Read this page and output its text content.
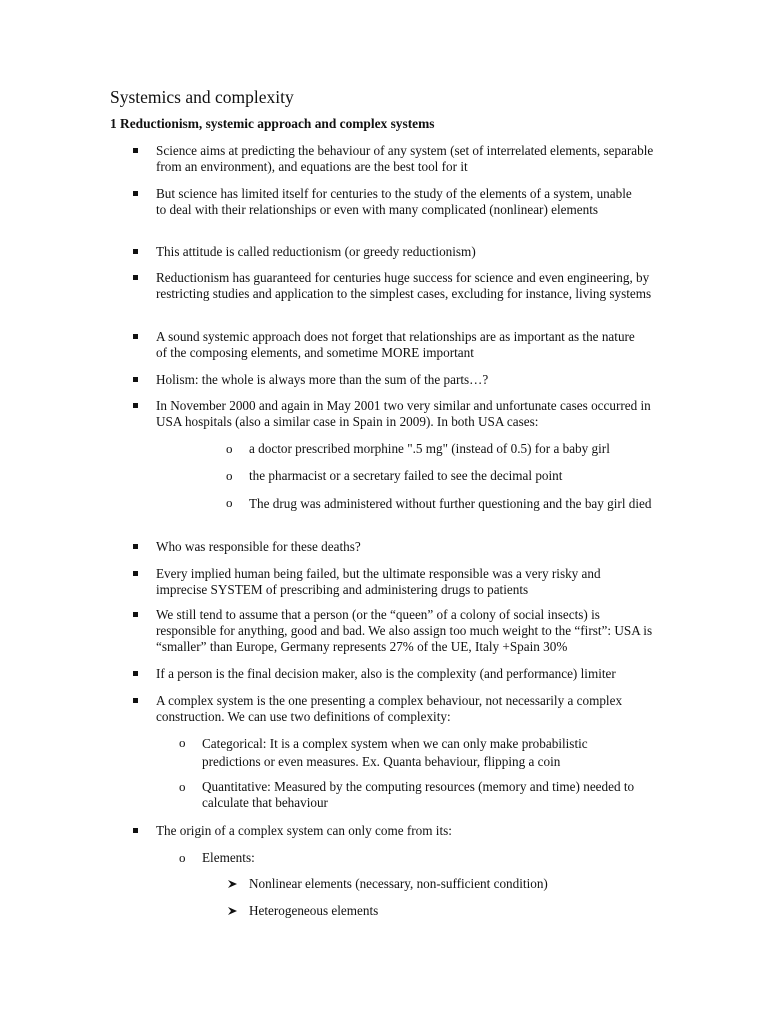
Systemics and complexity
1 Reductionism, systemic approach and complex systems
Science aims at predicting the behaviour of any system (set of interrelated elements, separable from an environment), and equations are the best tool for it
But science has limited itself for centuries to the study of the elements of a system, unable to deal with their relationships or even with many complicated (nonlinear) elements
This attitude is called reductionism (or greedy reductionism)
Reductionism has guaranteed for centuries huge success for science and even engineering, by restricting studies and application to the simplest cases, excluding for instance, living systems
A sound systemic approach does not forget that relationships are as important as the nature of the composing elements, and sometime MORE important
Holism: the whole is always more than the sum of the parts…?
In November 2000 and again in May 2001 two very similar and unfortunate cases occurred in USA hospitals (also a similar case in Spain in 2009). In both USA cases:
o a doctor prescribed morphine ".5 mg" (instead of 0.5) for a baby girl
o the pharmacist or a secretary failed to see the decimal point
o The drug was administered without further questioning and the bay girl died
Who was responsible for these deaths?
Every implied human being failed, but the ultimate responsible was a very risky and imprecise SYSTEM of prescribing and administering drugs to patients
We still tend to assume that a person (or the “queen” of a colony of social insects) is responsible for anything, good and bad. We also assign too much weight to the “first”: USA is “smaller” than Europe, Germany represents 27% of the UE, Italy +Spain 30%
If a person is the final decision maker, also is the complexity (and performance) limiter
A complex system is the one presenting a complex behaviour, not necessarily a complex construction. We can use two definitions of complexity:
o Categorical: It is a complex system when we can only make probabilistic predictions or even measures. Ex. Quanta behaviour, flipping a coin
o Quantitative: Measured by the computing resources (memory and time) needed to calculate that behaviour
The origin of a complex system can only come from its:
o Elements:
Nonlinear elements (necessary, non-sufficient condition)
Heterogeneous elements
